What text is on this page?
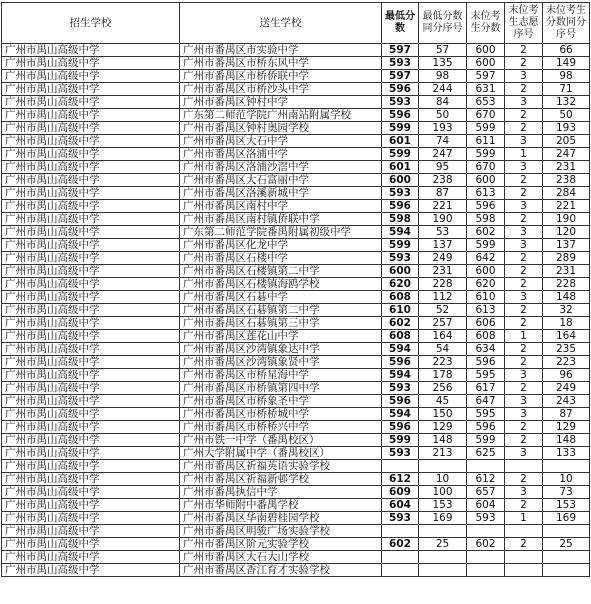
招生学校	送生学校	最低分数	最低分数同分序号	末位考生分数	末位考生志愿序号	末位考生分数同分序号
广州市禺山高级中学	广州市番禺区市实验中学	597	57	600	2	66
广州市禺山高级中学	广州市番禺区市桥东风中学	593	135	600	2	149
广州市禺山高级中学	广州市番禺区市桥侨联中学	597	98	597	3	98
广州市禺山高级中学	广州市番禺区市桥沙头中学	596	244	631	2	71
广州市禺山高级中学	广州市番禺区钟村中学	593	84	653	3	132
广州市禺山高级中学	广东第二师范学院广州南站附属学校	596	50	670	2	50
广州市禺山高级中学	广州市番禺区钟村奥园学校	599	193	599	2	193
广州市禺山高级中学	广州市番禺区大石中学	601	74	611	3	205
广州市禺山高级中学	广州市番禺区洛浦中学	599	247	599	1	247
广州市禺山高级中学	广州市番禺区洛浦沙滘中学	601	95	670	3	231
广州市禺山高级中学	广州市番禺区大石富丽中学	600	238	600	2	238
广州市禺山高级中学	广州市番禺区洛溪新城中学	593	87	613	2	284
广州市禺山高级中学	广州市番禺区南村中学	596	221	596	3	221
广州市禺山高级中学	广州市番禺区南村镇侨联中学	598	190	598	2	190
广州市禺山高级中学	广东第二师范学院番禺附属初级中学	594	53	602	3	120
广州市禺山高级中学	广州市番禺区化龙中学	599	137	599	3	137
广州市禺山高级中学	广州市番禺区石楼中学	593	249	642	2	289
广州市禺山高级中学	广州市番禺区石楼镇第二中学	600	231	600	2	231
广州市禺山高级中学	广州市番禺区石楼镇海鸥学校	620	228	620	2	228
广州市禺山高级中学	广州市番禺区石碁中学	608	112	610	3	148
广州市禺山高级中学	广州市番禺区石碁镇第二中学	610	52	613	2	32
广州市禺山高级中学	广州市番禺区石碁镇第三中学	602	257	606	2	18
广州市禺山高级中学	广州市番禺区莲花山中学	608	164	608	1	164
广州市禺山高级中学	广州市番禺区沙湾镇象达中学	594	54	634	2	235
广州市禺山高级中学	广州市番禺区沙湾镇象贤中学	596	223	596	2	223
广州市禺山高级中学	广州市番禺区市桥星海中学	594	178	595	3	96
广州市禺山高级中学	广州市番禺区市桥镇第四中学	593	256	617	2	249
广州市禺山高级中学	广州市番禺区市桥象圣中学	596	45	647	3	243
广州市禺山高级中学	广州市番禺区市桥桥城中学	594	150	595	3	87
广州市禺山高级中学	广州市番禺区市桥桥兴中学	596	129	596	2	129
广州市禺山高级中学	广州市铁一中学（番禺校区）	599	148	599	2	148
广州市禺山高级中学	广州大学附属中学（番禺校区）	593	213	625	3	133
广州市禺山高级中学	广州市番禺区祈福英语实验学校					
广州市禺山高级中学	广州市番禺区祈福新邨学校	612	10	612	2	10
广州市禺山高级中学	广州市番禺执信中学	609	100	657	3	73
广州市禺山高级中学	广州市华师附中番禺学校	604	153	604	2	153
广州市禺山高级中学	广州市番禺区华南碧桂园学校	593	169	593	1	169
广州市禺山高级中学	广州市番禺区明骏广场实验学校					
广州市禺山高级中学	广州市番禺区阶元实验学校	602	25	602	2	25
广州市禺山高级中学	广州市番禺区大石大山学校					
广州市禺山高级中学	广州市番禺区香江育才实验学校					
